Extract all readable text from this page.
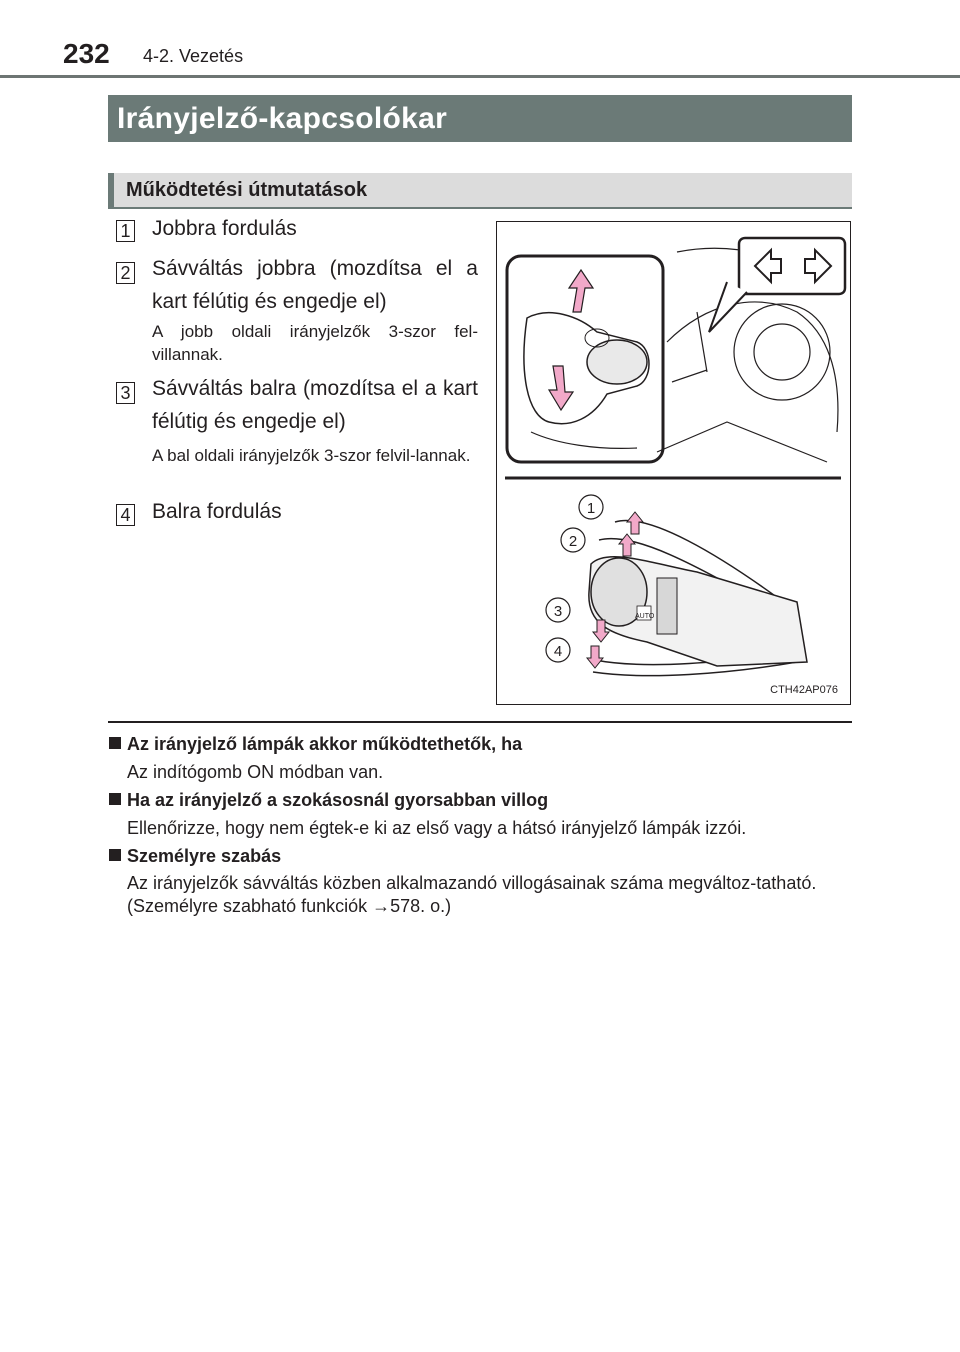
232 4-2. Vezetés
Irányjelző-kapcsolókar
Működtetési útmutatások
1 Jobbra fordulás
2 Sávváltás jobbra (mozdítsa el a kart félútig és engedje el)
A jobb oldali irányjelzők 3-szor fel-villannak.
3 Sávváltás balra (mozdítsa el a kart félútig és engedje el)
A bal oldali irányjelzők 3-szor felvil-lannak.
4 Balra fordulás
AUTO
1
2
3
4
CTH42AP076
Az irányjelző lámpák akkor működtethetők, ha
Az indítógomb ON módban van.
Ha az irányjelző a szokásosnál gyorsabban villog
Ellenőrizze, hogy nem égtek-e ki az első vagy a hátsó irányjelző lámpák izzói.
Személyre szabás
Az irányjelzők sávváltás közben alkalmazandó villogásainak száma megváltoz-tatható. (Személyre szabható funkciók →578. o.)
